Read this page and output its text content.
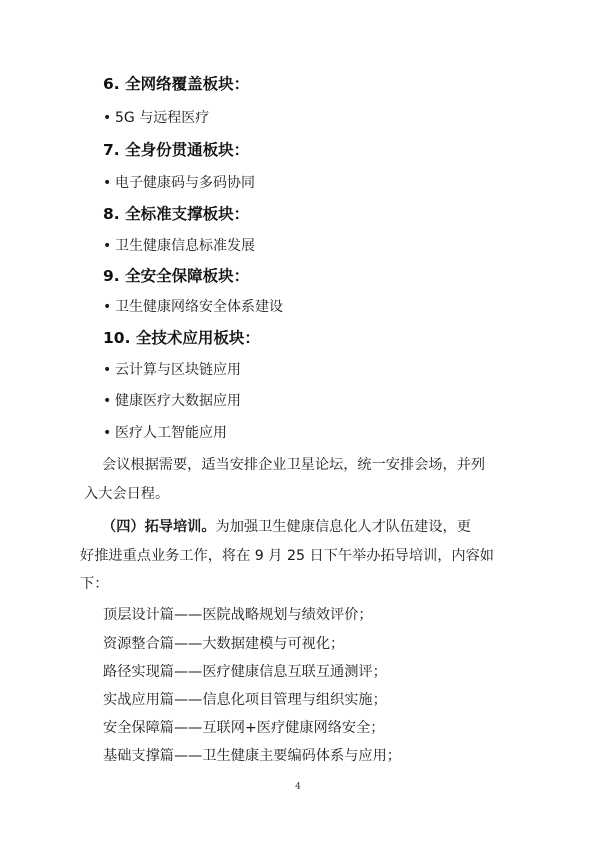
6. 全网络覆盖板块：
• 5G 与远程医疗
7. 全身份贯通板块：
• 电子健康码与多码协同
8. 全标准支撑板块：
• 卫生健康信息标准发展
9. 全安全保障板块：
• 卫生健康网络安全体系建设
10. 全技术应用板块：
• 云计算与区块链应用
• 健康医疗大数据应用
• 医疗人工智能应用
会议根据需要，适当安排企业卫星论坛，统一安排会场，并列
入大会日程。
（四）拓导培训。为加强卫生健康信息化人才队伍建设，更
好推进重点业务工作，将在 9 月 25 日下午举办拓导培训，内容如
下：
顶层设计篇——医院战略规划与绩效评价；
资源整合篇——大数据建模与可视化；
路径实现篇——医疗健康信息互联互通测评；
实战应用篇——信息化项目管理与组织实施；
安全保障篇——互联网+医疗健康网络安全；
基础支撑篇——卫生健康主要编码体系与应用；
4
